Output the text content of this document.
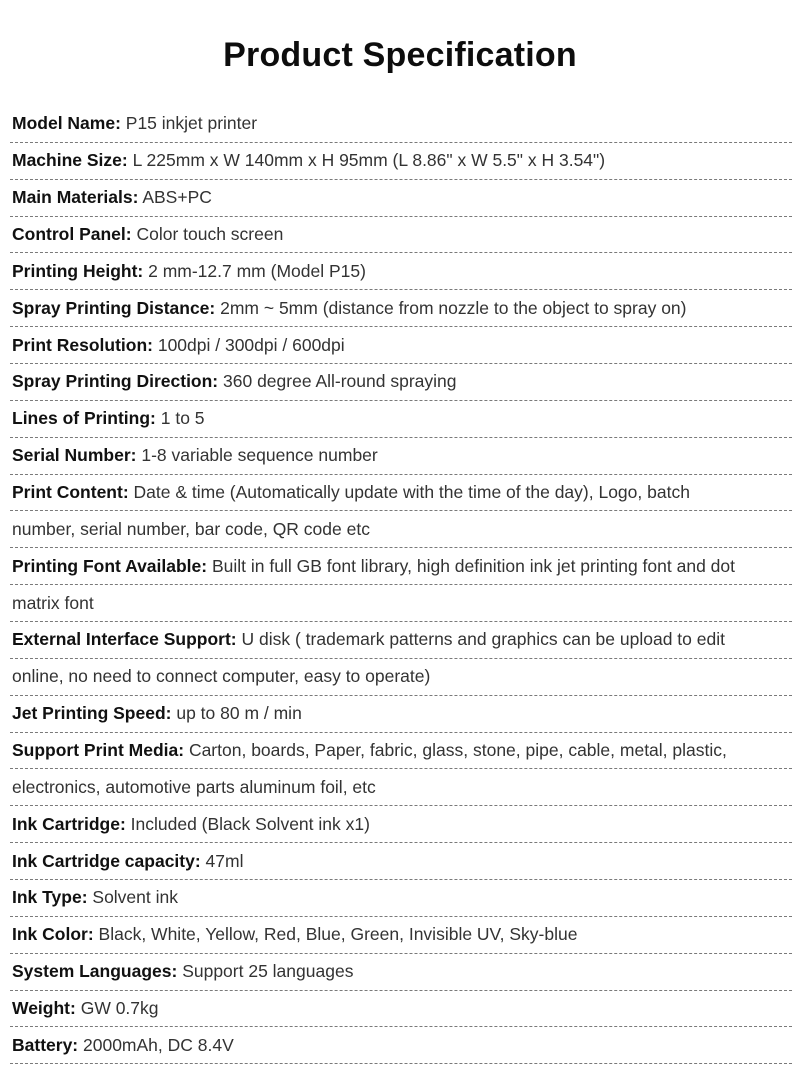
Product Specification
Model Name: P15 inkjet printer
Machine Size: L 225mm x W 140mm x H 95mm (L 8.86" x W 5.5" x H 3.54")
Main Materials: ABS+PC
Control Panel: Color touch screen
Printing Height: 2 mm-12.7 mm (Model P15)
Spray Printing Distance: 2mm ~ 5mm (distance from nozzle to the object to spray on)
Print Resolution: 100dpi / 300dpi / 600dpi
Spray Printing Direction: 360 degree All-round spraying
Lines of Printing: 1 to 5
Serial Number: 1-8 variable sequence number
Print Content: Date & time (Automatically update with the time of the day), Logo, batch
number, serial number, bar code, QR code etc
Printing Font Available: Built in full GB font library, high definition ink jet printing font and dot
matrix font
External Interface Support: U disk ( trademark patterns and graphics can be upload to edit
online, no need to connect computer, easy to operate)
Jet Printing Speed: up to 80 m / min
Support Print Media: Carton, boards, Paper, fabric, glass, stone, pipe, cable, metal, plastic,
electronics, automotive parts aluminum foil, etc
Ink Cartridge: Included (Black Solvent ink x1)
Ink Cartridge capacity: 47ml
Ink Type: Solvent ink
Ink Color: Black, White, Yellow, Red, Blue, Green, Invisible UV, Sky-blue
System Languages: Support 25 languages
Weight: GW 0.7kg
Battery: 2000mAh, DC 8.4V
